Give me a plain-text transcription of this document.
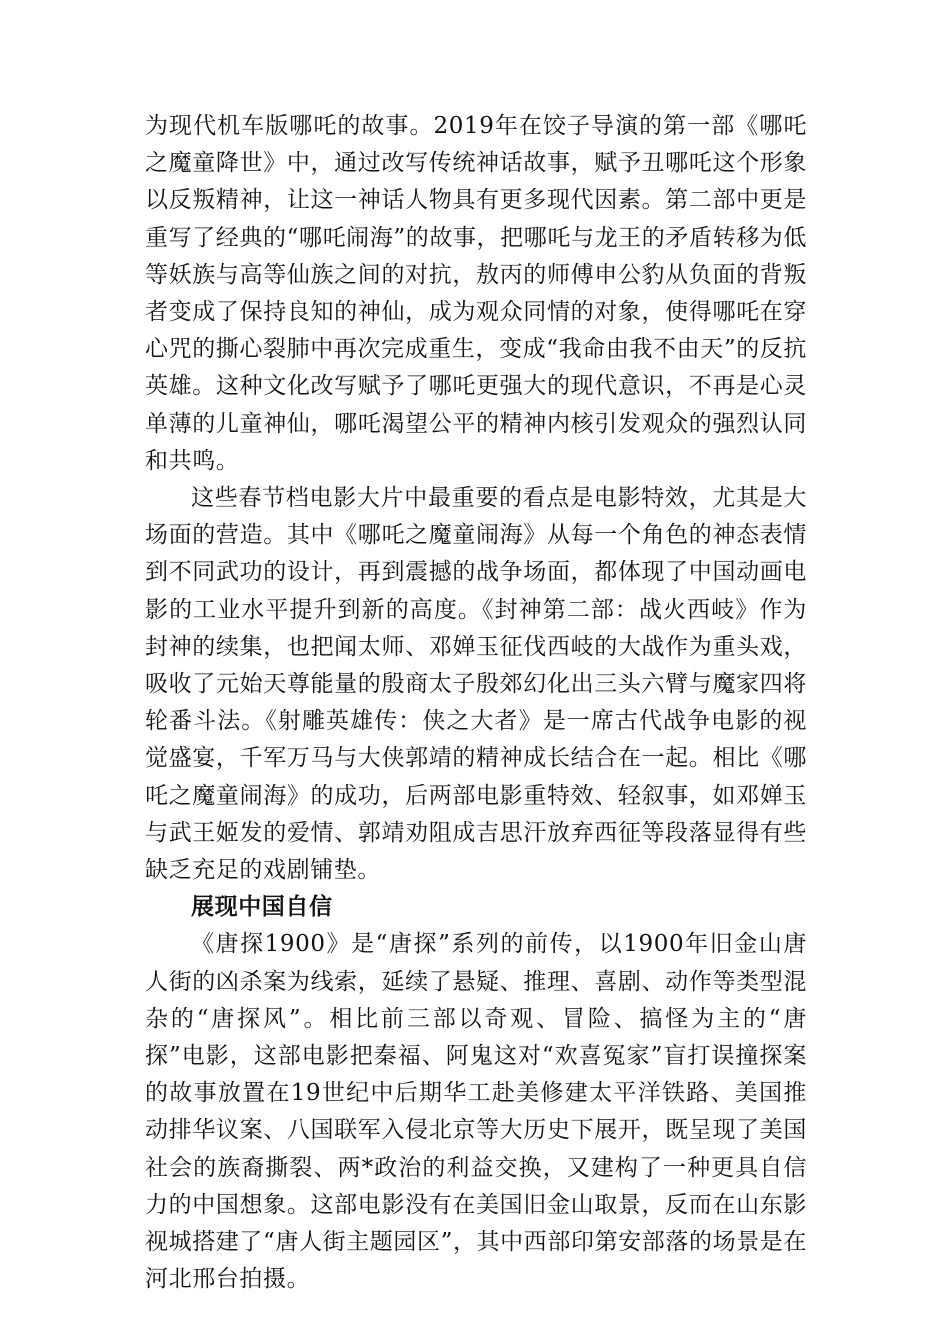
为现代机车版哪吒的故事。2019年在饺子导演的第一部《哪吒之魔童降世》中，通过改写传统神话故事，赋予丑哪吒这个形象以反叛精神，让这一神话人物具有更多现代因素。第二部中更是重写了经典的“哪吒闹海”的故事，把哪吒与龙王的矛盾转移为低等妖族与高等仙族之间的对抗，敖丙的师傅申公豹从负面的背叛者变成了保持良知的神仙，成为观众同情的对象，使得哪吒在穿心咒的撕心裂肺中再次完成重生，变成“我命由我不由天”的反抗英雄。这种文化改写赋予了哪吒更强大的现代意识，不再是心灵单薄的儿童神仙，哪吒渴望公平的精神内核引发观众的强烈认同和共鸣。

这些春节档电影大片中最重要的看点是电影特效，尤其是大场面的营造。其中《哪吒之魔童闹海》从每一个角色的神态表情到不同武功的设计，再到震撼的战争场面，都体现了中国动画电影的工业水平提升到新的高度。《封神第二部：战火西岐》作为封神的续集，也把闻太师、邓婵玉征伐西岐的大战作为重头戏，吸收了元始天尊能量的殷商太子殷郊幻化出三头六臂与魔家四将轮番斗法。《射雕英雄传：侠之大者》是一席古代战争电影的视觉盛宴，千军万马与大侠郭靖的精神成长结合在一起。相比《哪吒之魔童闹海》的成功，后两部电影重特效、轻叙事，如邓婵玉与武王姬发的爱情、郭靖劝阻成吉思汗放弃西征等段落显得有些缺乏充足的戏剧铺垫。

展现中国自信

《唐探1900》是“唐探”系列的前传，以1900年旧金山唐人街的凶杀案为线索，延续了悬疑、推理、喜剧、动作等类型混杂的“唐探风”。相比前三部以奇观、冒险、搞怪为主的“唐探”电影，这部电影把秦福、阿鬼这对“欢喜冤家”盲打误撞探案的故事放置在19世纪中后期华工赴美修建太平洋铁路、美国推动排华议案、八国联军入侵北京等大历史下展开，既呈现了美国社会的族裔撕裂、两*政治的利益交换，又建构了一种更具自信力的中国想象。这部电影没有在美国旧金山取景，反而在山东影视城搭建了“唐人街主题园区”，其中西部印第安部落的场景是在河北邢台拍摄。
